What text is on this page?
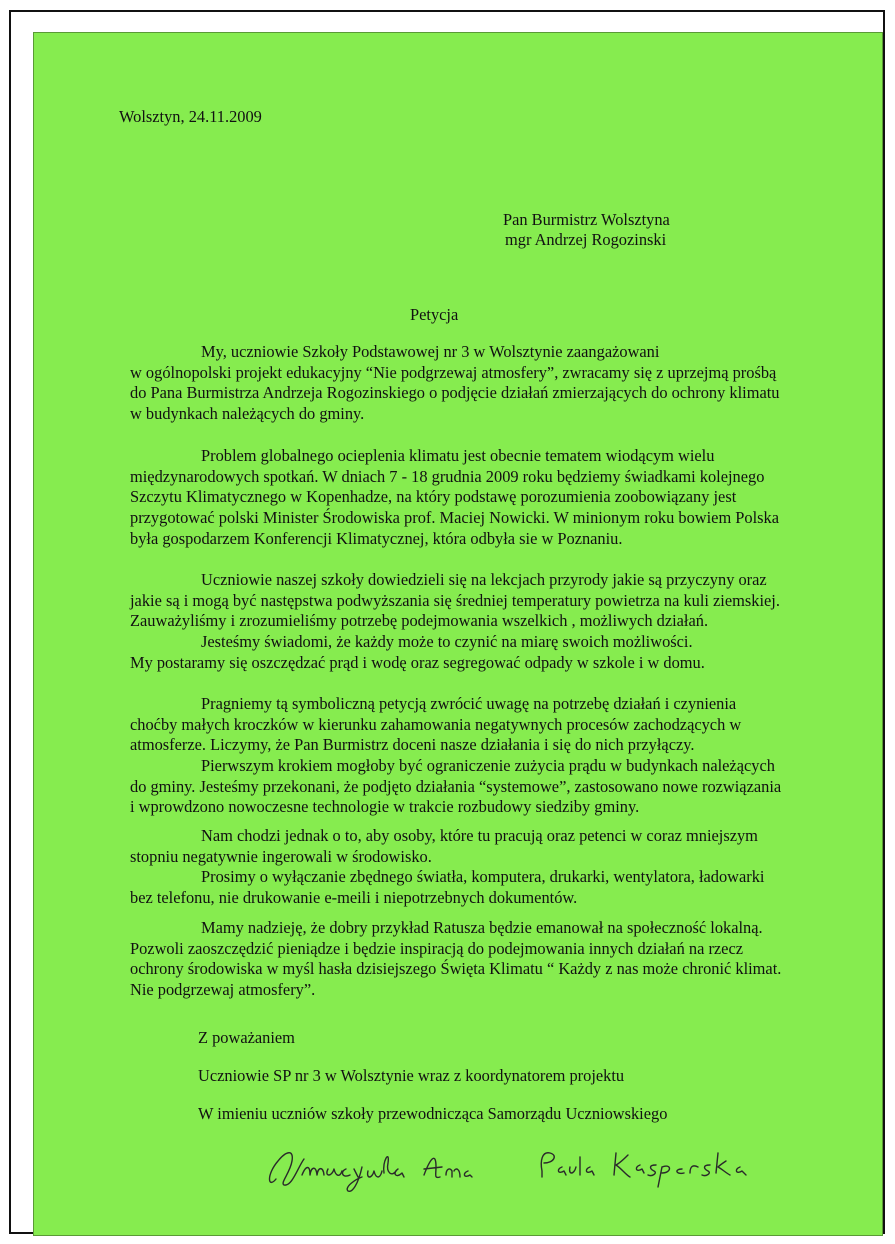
Wolsztyn, 24.11.2009
Pan Burmistrz Wolsztyna
mgr Andrzej Rogozinski
Petycja
My, uczniowie Szkoły Podstawowej nr 3 w Wolsztynie zaangażowani
w ogólnopolski projekt edukacyjny “Nie podgrzewaj atmosfery”, zwracamy się z uprzejmą prośbą
do Pana Burmistrza Andrzeja Rogozinskiego o podjęcie działań zmierzających do ochrony klimatu
w budynkach należących do gminy.
Problem globalnego ocieplenia klimatu jest obecnie tematem wiodącym wielu
międzynarodowych spotkań. W dniach 7 - 18 grudnia 2009 roku będziemy świadkami kolejnego
Szczytu Klimatycznego w Kopenhadze, na który podstawę porozumienia zoobowiązany jest
przygotować polski Minister Środowiska prof. Maciej Nowicki. W minionym roku bowiem Polska
była gospodarzem Konferencji Klimatycznej, która odbyła sie w Poznaniu.
Uczniowie naszej szkoły dowiedzieli się na lekcjach przyrody jakie są przyczyny oraz
jakie są i mogą być następstwa podwyższania się średniej temperatury powietrza na kuli ziemskiej.
Zauważyliśmy i zrozumieliśmy potrzebę podejmowania wszelkich , możliwych działań.
Jesteśmy świadomi, że każdy może to czynić na miarę swoich możliwości.
My postaramy się oszczędzać prąd i wodę oraz segregować odpady w szkole i w domu.
Pragniemy tą symboliczną petycją zwrócić uwagę na potrzebę działań i czynienia
choćby małych kroczków w kierunku zahamowania negatywnych procesów zachodzących w
atmosferze. Liczymy, że Pan Burmistrz doceni nasze działania i się do nich przyłączy.
Pierwszym krokiem mogłoby być ograniczenie zużycia prądu w budynkach należących
do gminy. Jesteśmy przekonani, że podjęto działania “systemowe”, zastosowano nowe rozwiązania
i wprowdzono nowoczesne technologie w trakcie rozbudowy siedziby gminy.
Nam chodzi jednak o to, aby osoby, które tu pracują oraz petenci w coraz mniejszym
stopniu negatywnie ingerowali w środowisko.
Prosimy o wyłączanie zbędnego światła, komputera, drukarki, wentylatora, ładowarki
bez telefonu, nie drukowanie e-meili i niepotrzebnych dokumentów.
Mamy nadzieję, że dobry przykład Ratusza będzie emanował na społeczność lokalną.
Pozwoli zaoszczędzić pieniądze i będzie inspiracją do podejmowania innych działań na rzecz
ochrony środowiska w myśl hasła dzisiejszego Święta Klimatu “ Każdy z nas może chronić klimat.
Nie podgrzewaj atmosfery”.
Z poważaniem
Uczniowie SP nr 3 w Wolsztynie wraz z koordynatorem projektu
W imieniu uczniów szkoły przewodnicząca Samorządu Uczniowskiego
